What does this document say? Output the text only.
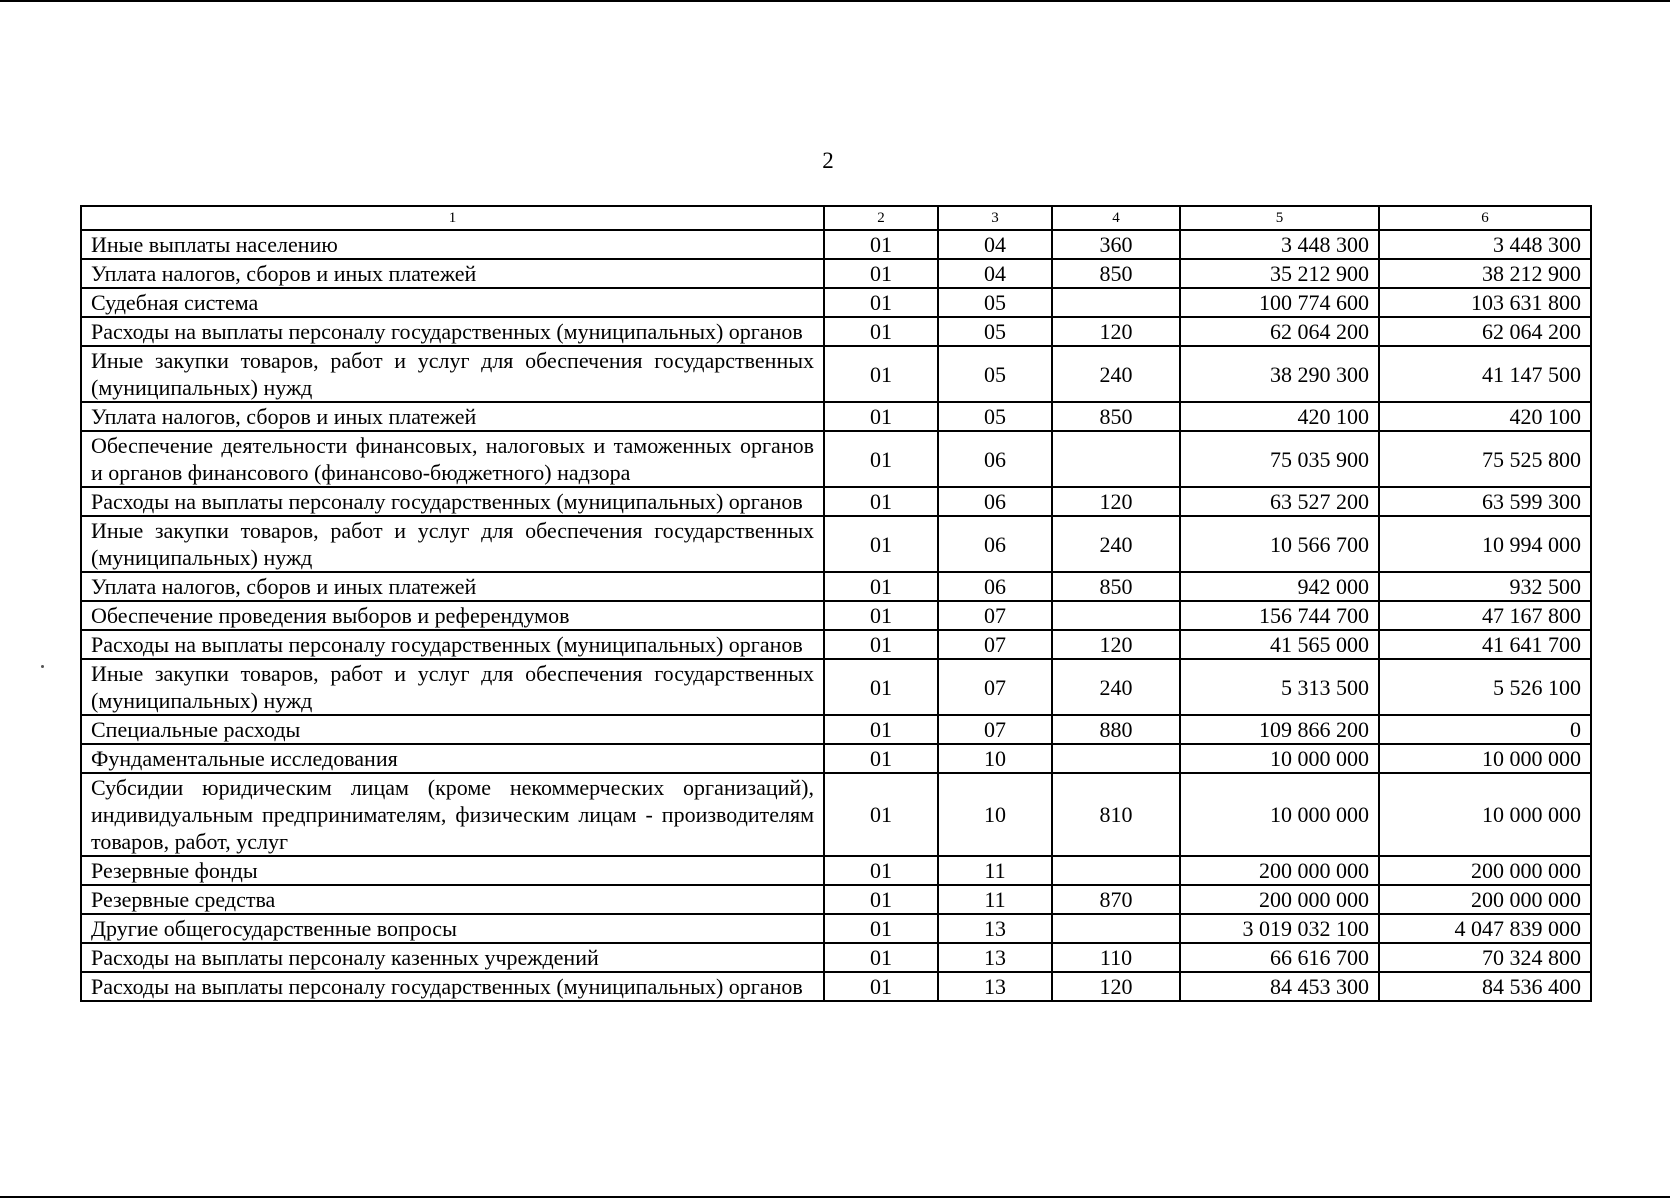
2
1	2	3	4	5	6
Иные выплаты населению	01	04	360	3 448 300	3 448 300
Уплата налогов, сборов и иных платежей	01	04	850	35 212 900	38 212 900
Судебная система	01	05		100 774 600	103 631 800
Расходы на выплаты персоналу государственных (муниципальных) органов	01	05	120	62 064 200	62 064 200
Иные закупки товаров, работ и услуг для обеспечения государственных (муниципальных) нужд	01	05	240	38 290 300	41 147 500
Уплата налогов, сборов и иных платежей	01	05	850	420 100	420 100
Обеспечение деятельности финансовых, налоговых и таможенных органов и органов финансового (финансово-бюджетного) надзора	01	06		75 035 900	75 525 800
Расходы на выплаты персоналу государственных (муниципальных) органов	01	06	120	63 527 200	63 599 300
Иные закупки товаров, работ и услуг для обеспечения государственных (муниципальных) нужд	01	06	240	10 566 700	10 994 000
Уплата налогов, сборов и иных платежей	01	06	850	942 000	932 500
Обеспечение проведения выборов и референдумов	01	07		156 744 700	47 167 800
Расходы на выплаты персоналу государственных (муниципальных) органов	01	07	120	41 565 000	41 641 700
Иные закупки товаров, работ и услуг для обеспечения государственных (муниципальных) нужд	01	07	240	5 313 500	5 526 100
Специальные расходы	01	07	880	109 866 200	0
Фундаментальные исследования	01	10		10 000 000	10 000 000
Субсидии юридическим лицам (кроме некоммерческих организаций), индивидуальным предпринимателям, физическим лицам - производителям товаров, работ, услуг	01	10	810	10 000 000	10 000 000
Резервные фонды	01	11		200 000 000	200 000 000
Резервные средства	01	11	870	200 000 000	200 000 000
Другие общегосударственные вопросы	01	13		3 019 032 100	4 047 839 000
Расходы на выплаты персоналу казенных учреждений	01	13	110	66 616 700	70 324 800
Расходы на выплаты персоналу государственных (муниципальных) органов	01	13	120	84 453 300	84 536 400
